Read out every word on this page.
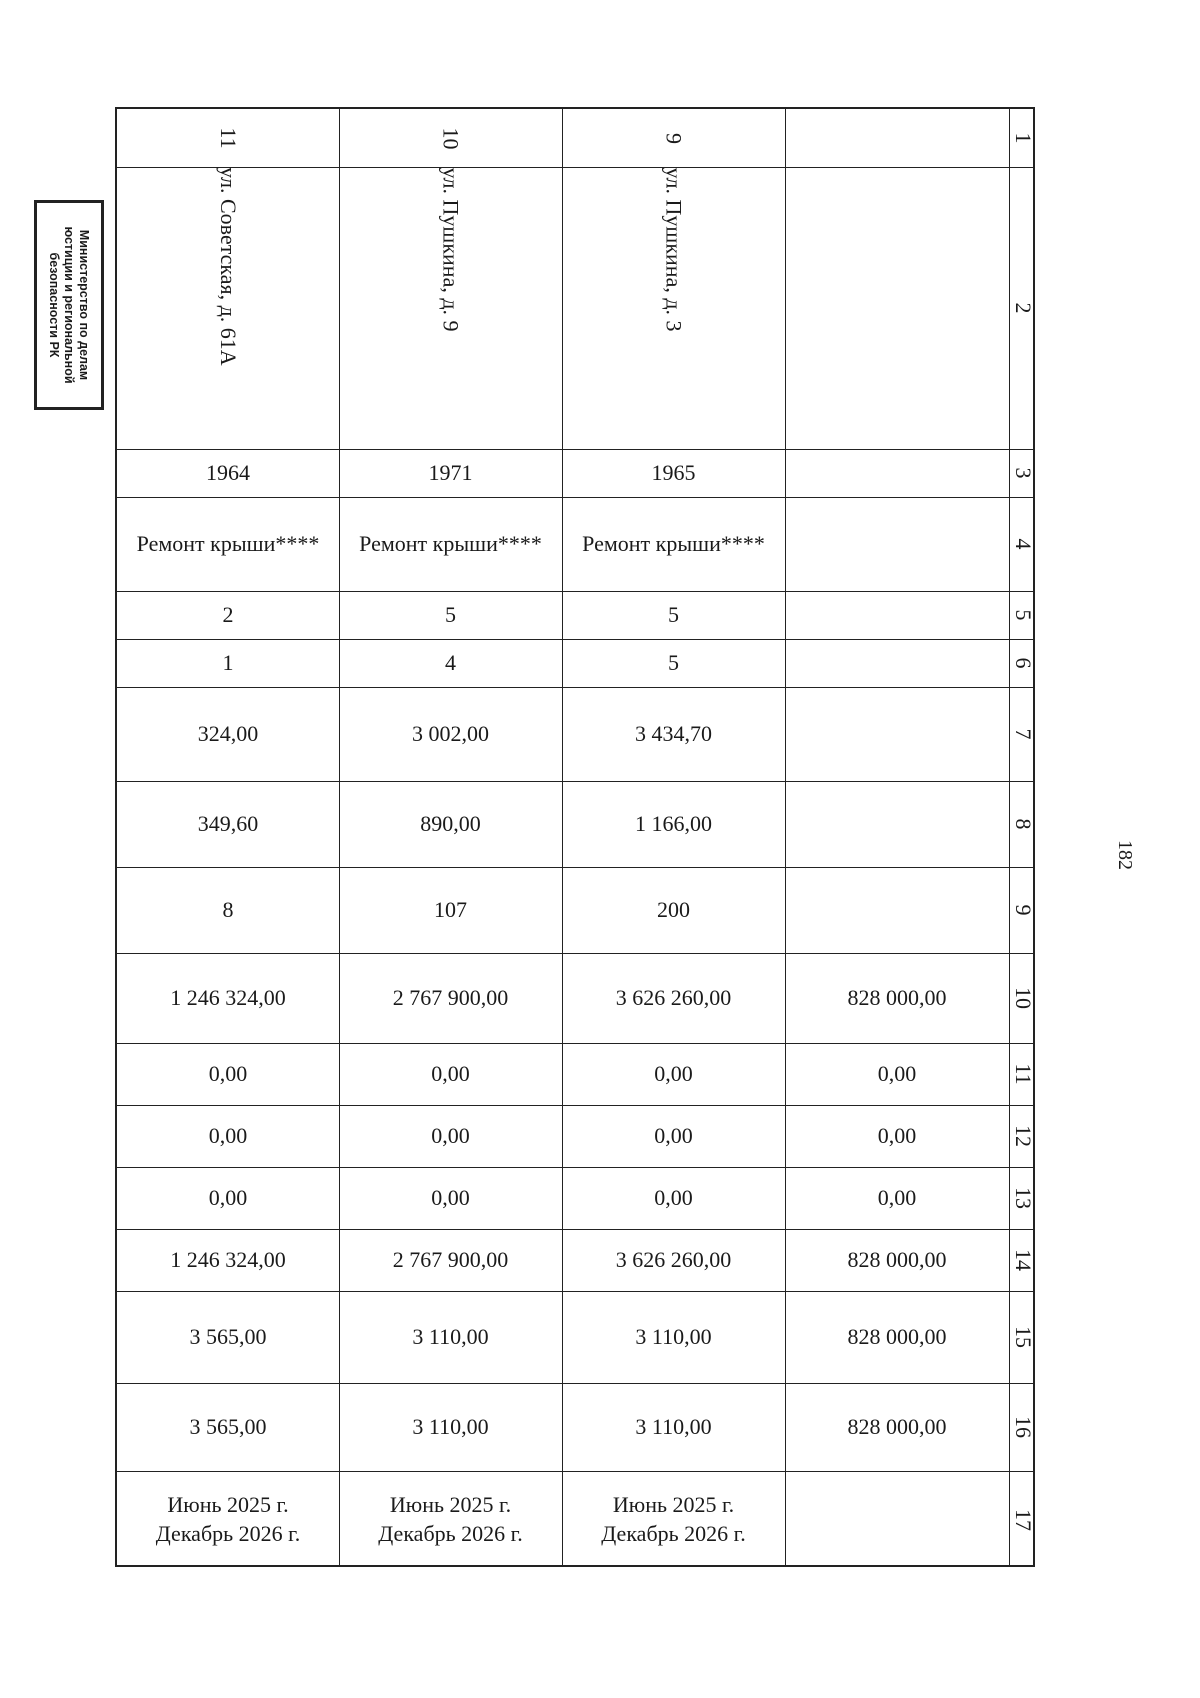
Министерство по делам юстиции и региональной безопасности РК
182
11
ул. Советская, д. 61А
1964
Ремонт крыши****
2
1
324,00
349,60
8
1 246 324,00
0,00
0,00
0,00
1 246 324,00
3 565,00
3 565,00
Июнь 2025 г.
Декабрь 2026 г.
10
ул. Пушкина, д. 9
1971
Ремонт крыши****
5
4
3 002,00
890,00
107
2 767 900,00
0,00
0,00
0,00
2 767 900,00
3 110,00
3 110,00
Июнь 2025 г.
Декабрь 2026 г.
9
ул. Пушкина, д. 3
1965
Ремонт крыши****
5
5
3 434,70
1 166,00
200
3 626 260,00
0,00
0,00
0,00
3 626 260,00
3 110,00
3 110,00
Июнь 2025 г.
Декабрь 2026 г.
828 000,00
0,00
0,00
0,00
828 000,00
828 000,00
828 000,00
1
2
3
4
5
6
7
8
9
10
11
12
13
14
15
16
17
